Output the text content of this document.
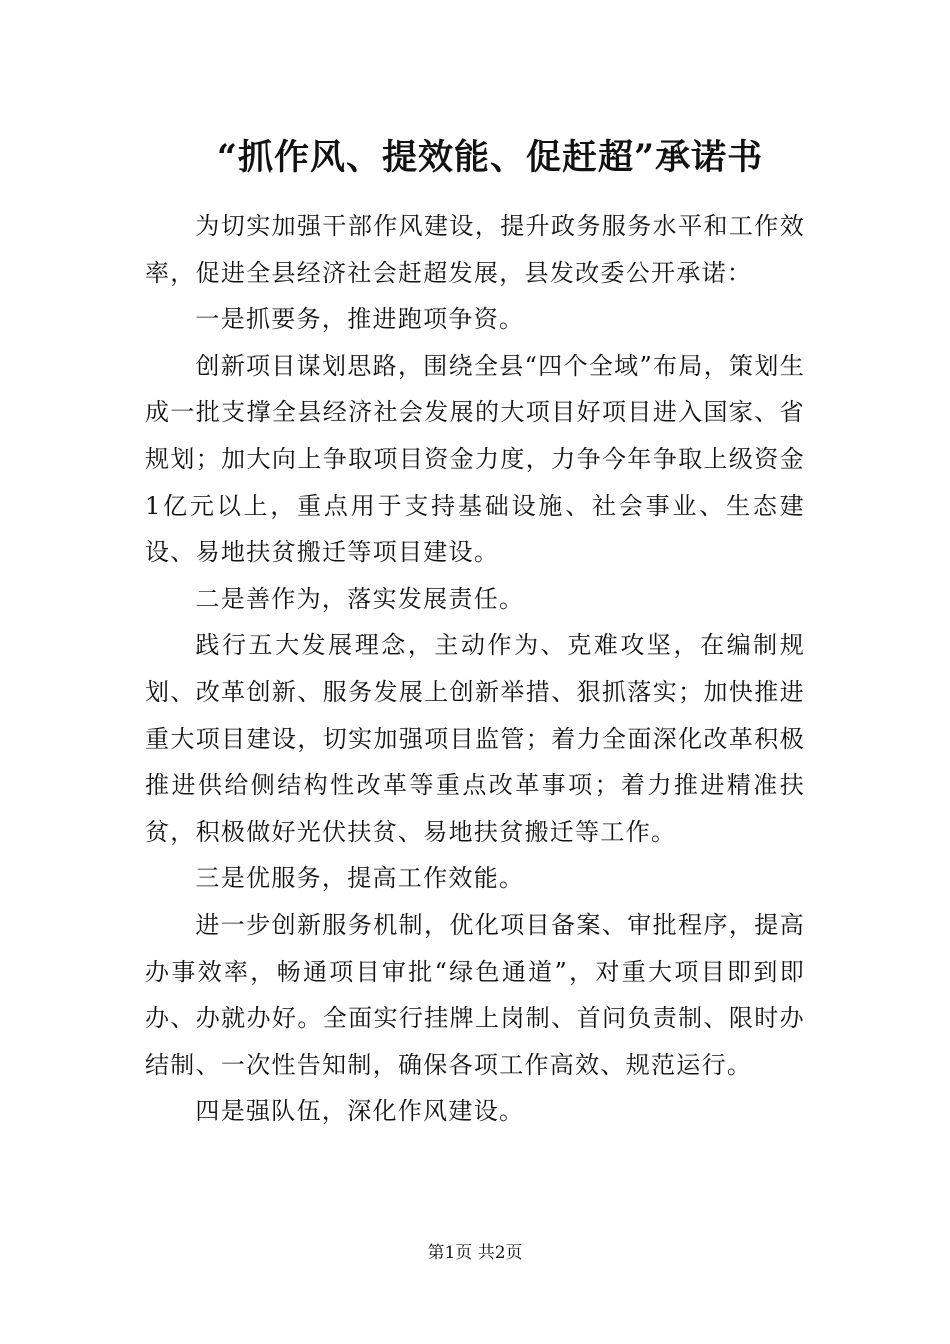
“抓作风、提效能、促赶超”承诺书

为切实加强干部作风建设，提升政务服务水平和工作效率，促进全县经济社会赶超发展，县发改委公开承诺：

一是抓要务，推进跑项争资。

创新项目谋划思路，围绕全县“四个全域”布局，策划生成一批支撑全县经济社会发展的大项目好项目进入国家、省规划；加大向上争取项目资金力度，力争今年争取上级资金1亿元以上，重点用于支持基础设施、社会事业、生态建设、易地扶贫搬迁等项目建设。

二是善作为，落实发展责任。

践行五大发展理念，主动作为、克难攻坚，在编制规划、改革创新、服务发展上创新举措、狠抓落实；加快推进重大项目建设，切实加强项目监管；着力全面深化改革积极推进供给侧结构性改革等重点改革事项；着力推进精准扶贫，积极做好光伏扶贫、易地扶贫搬迁等工作。

三是优服务，提高工作效能。

进一步创新服务机制，优化项目备案、审批程序，提高办事效率，畅通项目审批“绿色通道”，对重大项目即到即办、办就办好。全面实行挂牌上岗制、首问负责制、限时办结制、一次性告知制，确保各项工作高效、规范运行。

四是强队伍，深化作风建设。

第1页 共2页
